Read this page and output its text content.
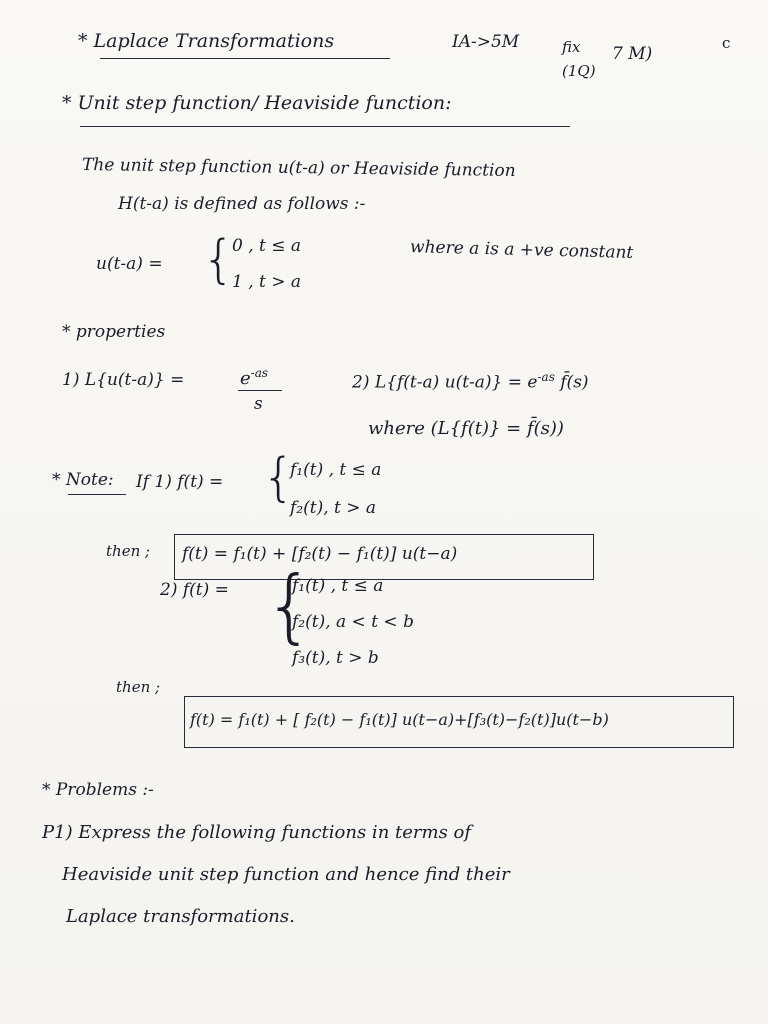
* Laplace Transformations	IA->5M	fix
(1Q)
7 M)
c
* Unit step function/ Heaviside function:
The unit step function u(t-a) or Heaviside function
H(t-a) is defined as follows :-
u(t-a) = {
0 , t ≤ a
1 , t > a
where a is a +ve constant
* properties
1) L{u(t-a)} =	$e^{-as}$
s
2) L{f(t-a) $u(t-a)\} = e^{-as}$ f̄(s)
where (L{f(t)} = f̄(s))
* Note: If 1) f(t) = {
f₁(t) , t ≤ a
f₂(t), t > a
then ; f(t) = f₁(t) + [f₂(t) − f₁(t)] u(t−a)
2) f(t) = {
f₁(t) , t ≤ a
f₂(t), a < t < b
f₃(t), t > b
then ;
f(t) = f₁(t) + [ f₂(t) − f₁(t)] u(t−a)+[f₃(t)−f₂(t)]u(t−b)
* Problems :-
P1) Express the following functions in terms of
Heaviside unit step function and hence find their
Laplace transformations.
